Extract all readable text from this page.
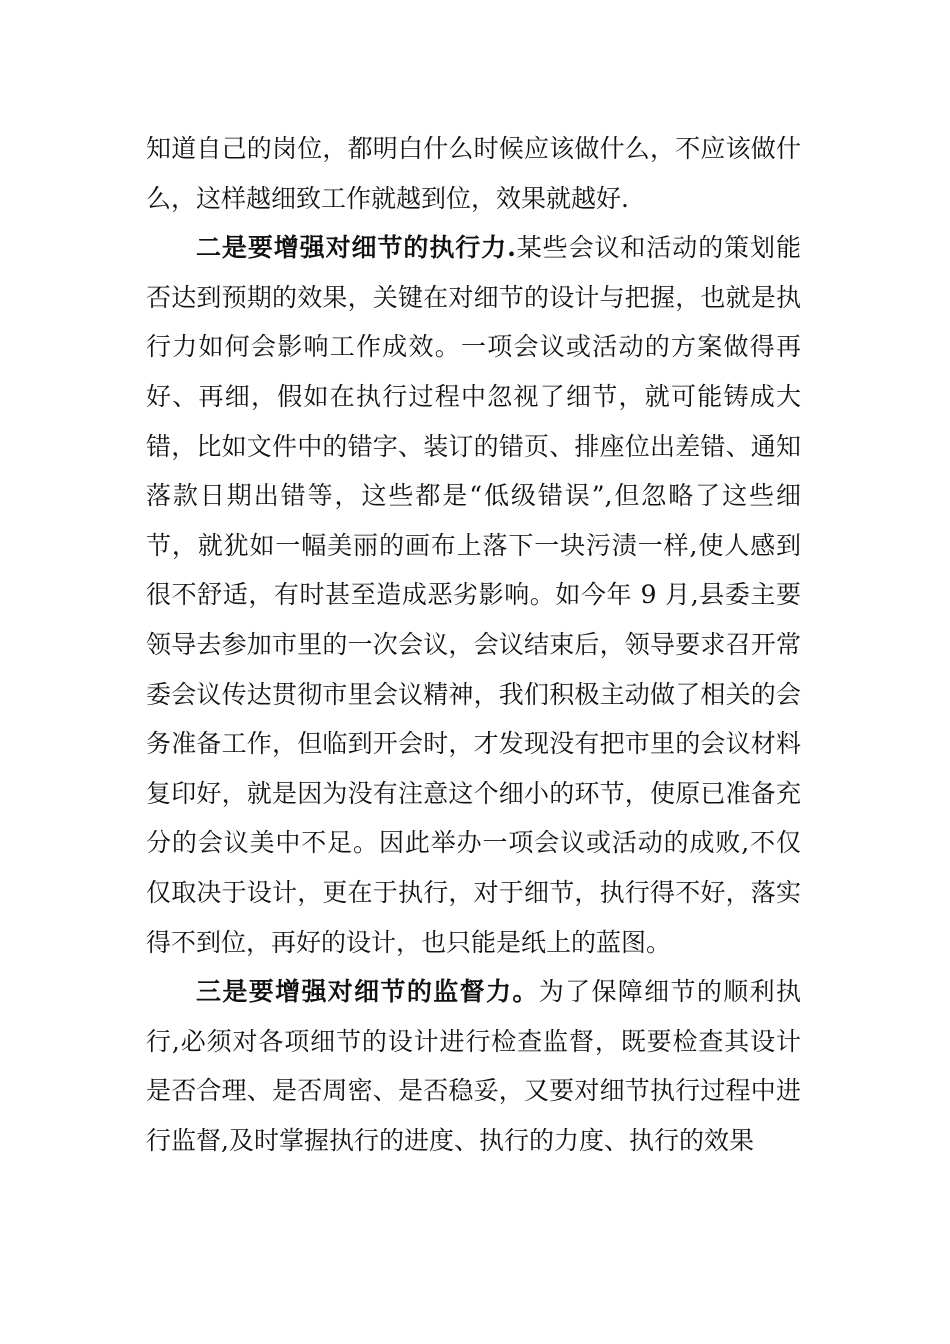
知道自己的岗位，都明白什么时候应该做什么，不应该做什么，这样越细致工作就越到位，效果就越好.

二是要增强对细节的执行力.某些会议和活动的策划能否达到预期的效果，关键在对细节的设计与把握，也就是执行力如何会影响工作成效。一项会议或活动的方案做得再好、再细，假如在执行过程中忽视了细节，就可能铸成大错，比如文件中的错字、装订的错页、排座位出差错、通知落款日期出错等，这些都是“低级错误”,但忽略了这些细节，就犹如一幅美丽的画布上落下一块污渍一样,使人感到很不舒适，有时甚至造成恶劣影响。如今年 9 月,县委主要领导去参加市里的一次会议，会议结束后，领导要求召开常委会议传达贯彻市里会议精神，我们积极主动做了相关的会务准备工作，但临到开会时，才发现没有把市里的会议材料复印好，就是因为没有注意这个细小的环节，使原已准备充分的会议美中不足。因此举办一项会议或活动的成败,不仅仅取决于设计，更在于执行，对于细节，执行得不好，落实得不到位，再好的设计，也只能是纸上的蓝图。

三是要增强对细节的监督力。为了保障细节的顺利执行,必须对各项细节的设计进行检查监督，既要检查其设计是否合理、是否周密、是否稳妥，又要对细节执行过程中进行监督,及时掌握执行的进度、执行的力度、执行的效果
